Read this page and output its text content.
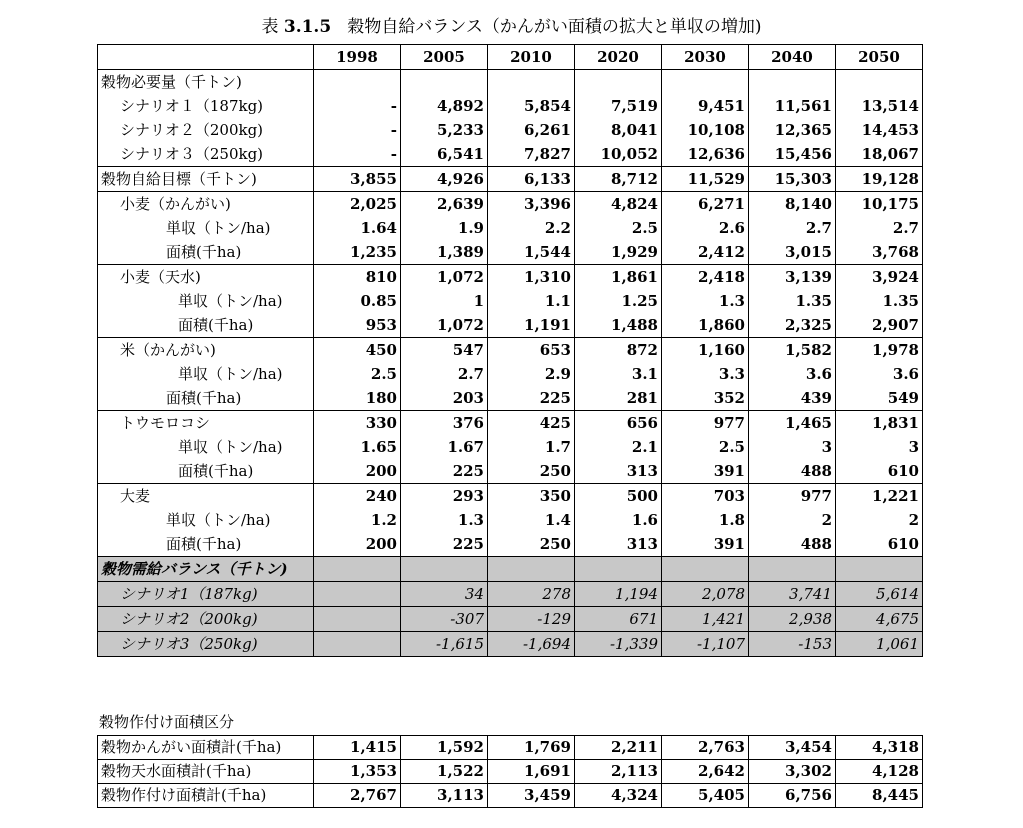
表 3.1.5 穀物自給バランス（かんがい面積の拡大と単収の増加)
	1998	2005	2010	2020	2030	2040	2050
穀物必要量（千トン)							
シナリオ１（187kg)	-	4,892	5,854	7,519	9,451	11,561	13,514
シナリオ２（200kg)	-	5,233	6,261	8,041	10,108	12,365	14,453
シナリオ３（250kg)	-	6,541	7,827	10,052	12,636	15,456	18,067
穀物自給目標（千トン)	3,855	4,926	6,133	8,712	11,529	15,303	19,128
小麦（かんがい)	2,025	2,639	3,396	4,824	6,271	8,140	10,175
単収（トン/ha)	1.64	1.9	2.2	2.5	2.6	2.7	2.7
面積(千ha)	1,235	1,389	1,544	1,929	2,412	3,015	3,768
小麦（天水)	810	1,072	1,310	1,861	2,418	3,139	3,924
単収（トン/ha)	0.85	1	1.1	1.25	1.3	1.35	1.35
面積(千ha)	953	1,072	1,191	1,488	1,860	2,325	2,907
米（かんがい)	450	547	653	872	1,160	1,582	1,978
単収（トン/ha)	2.5	2.7	2.9	3.1	3.3	3.6	3.6
面積(千ha)	180	203	225	281	352	439	549
トウモロコシ	330	376	425	656	977	1,465	1,831
単収（トン/ha)	1.65	1.67	1.7	2.1	2.5	3	3
面積(千ha)	200	225	250	313	391	488	610
大麦	240	293	350	500	703	977	1,221
単収（トン/ha)	1.2	1.3	1.4	1.6	1.8	2	2
面積(千ha)	200	225	250	313	391	488	610
穀物需給バランス（千トン)							
シナリオ1（187kg)		34	278	1,194	2,078	3,741	5,614
シナリオ2（200kg)		-307	-129	671	1,421	2,938	4,675
シナリオ3（250kg)		-1,615	-1,694	-1,339	-1,107	-153	1,061
穀物作付け面積区分
穀物かんがい面積計(千ha)	1,415	1,592	1,769	2,211	2,763	3,454	4,318
穀物天水面積計(千ha)	1,353	1,522	1,691	2,113	2,642	3,302	4,128
穀物作付け面積計(千ha)	2,767	3,113	3,459	4,324	5,405	6,756	8,445
